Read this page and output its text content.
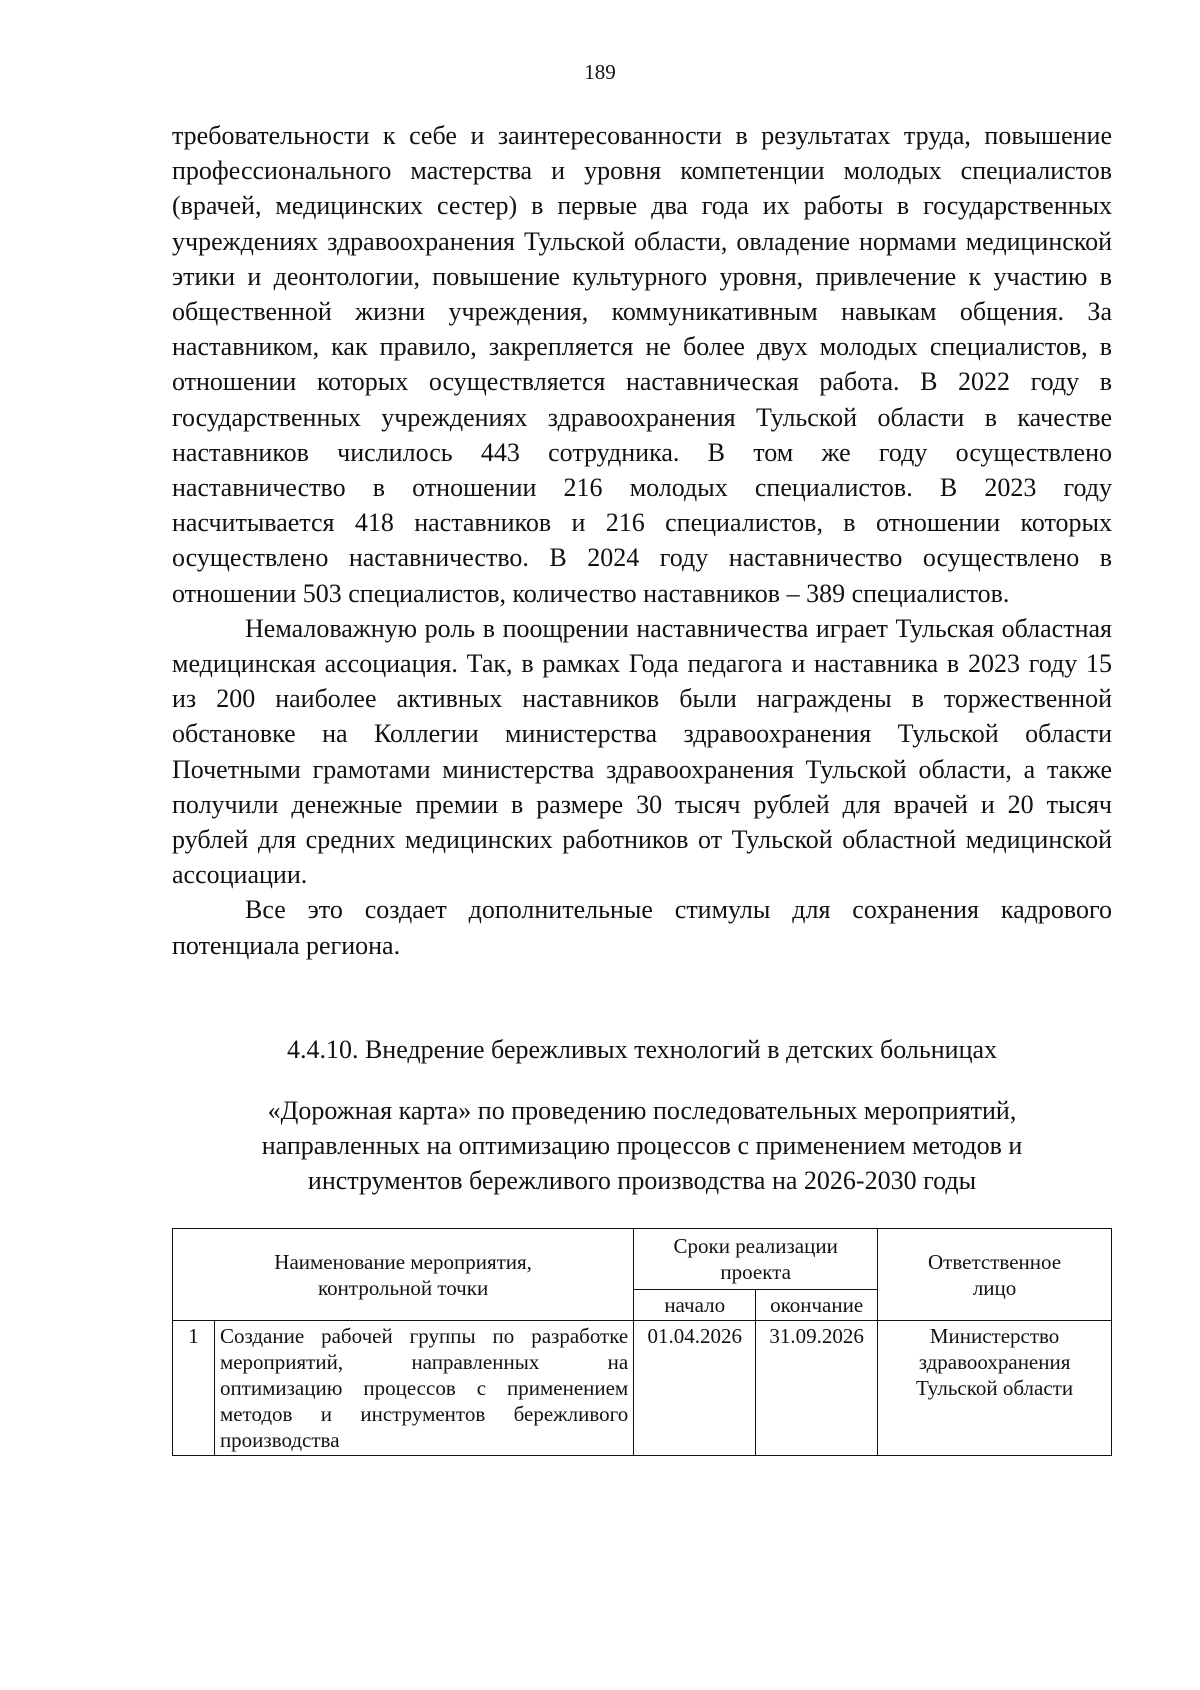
189

требовательности к себе и заинтересованности в результатах труда, повышение профессионального мастерства и уровня компетенции молодых специалистов (врачей, медицинских сестер) в первые два года их работы в государственных учреждениях здравоохранения Тульской области, овладение нормами медицинской этики и деонтологии, повышение культурного уровня, привлечение к участию в общественной жизни учреждения, коммуникативным навыкам общения. За наставником, как правило, закрепляется не более двух молодых специалистов, в отношении которых осуществляется наставническая работа. В 2022 году в государственных учреждениях здравоохранения Тульской области в качестве наставников числилось 443 сотрудника. В том же году осуществлено наставничество в отношении 216 молодых специалистов. В 2023 году насчитывается 418 наставников и 216 специалистов, в отношении которых осуществлено наставничество. В 2024 году наставничество осуществлено в отношении 503 специалистов, количество наставников – 389 специалистов.

Немаловажную роль в поощрении наставничества играет Тульская областная медицинская ассоциация. Так, в рамках Года педагога и наставника в 2023 году 15 из 200 наиболее активных наставников были награждены в торжественной обстановке на Коллегии министерства здравоохранения Тульской области Почетными грамотами министерства здравоохранения Тульской области, а также получили денежные премии в размере 30 тысяч рублей для врачей и 20 тысяч рублей для средних медицинских работников от Тульской областной медицинской ассоциации.

Все это создает дополнительные стимулы для сохранения кадрового потенциала региона.

4.4.10. Внедрение бережливых технологий в детских больницах
«Дорожная карта» по проведению последовательных мероприятий,
направленных на оптимизацию процессов с применением методов и
инструментов бережливого производства на 2026-2030 годы
Наименование мероприятия, контрольной точки		Сроки реализации проекта		Ответственное лицо
		начало	окончание	
1	Создание рабочей группы по разработке мероприятий, направленных на оптимизацию процессов с применением методов и инструментов бережливого производства	01.04.2026	31.09.2026	Министерство здравоохранения Тульской области
